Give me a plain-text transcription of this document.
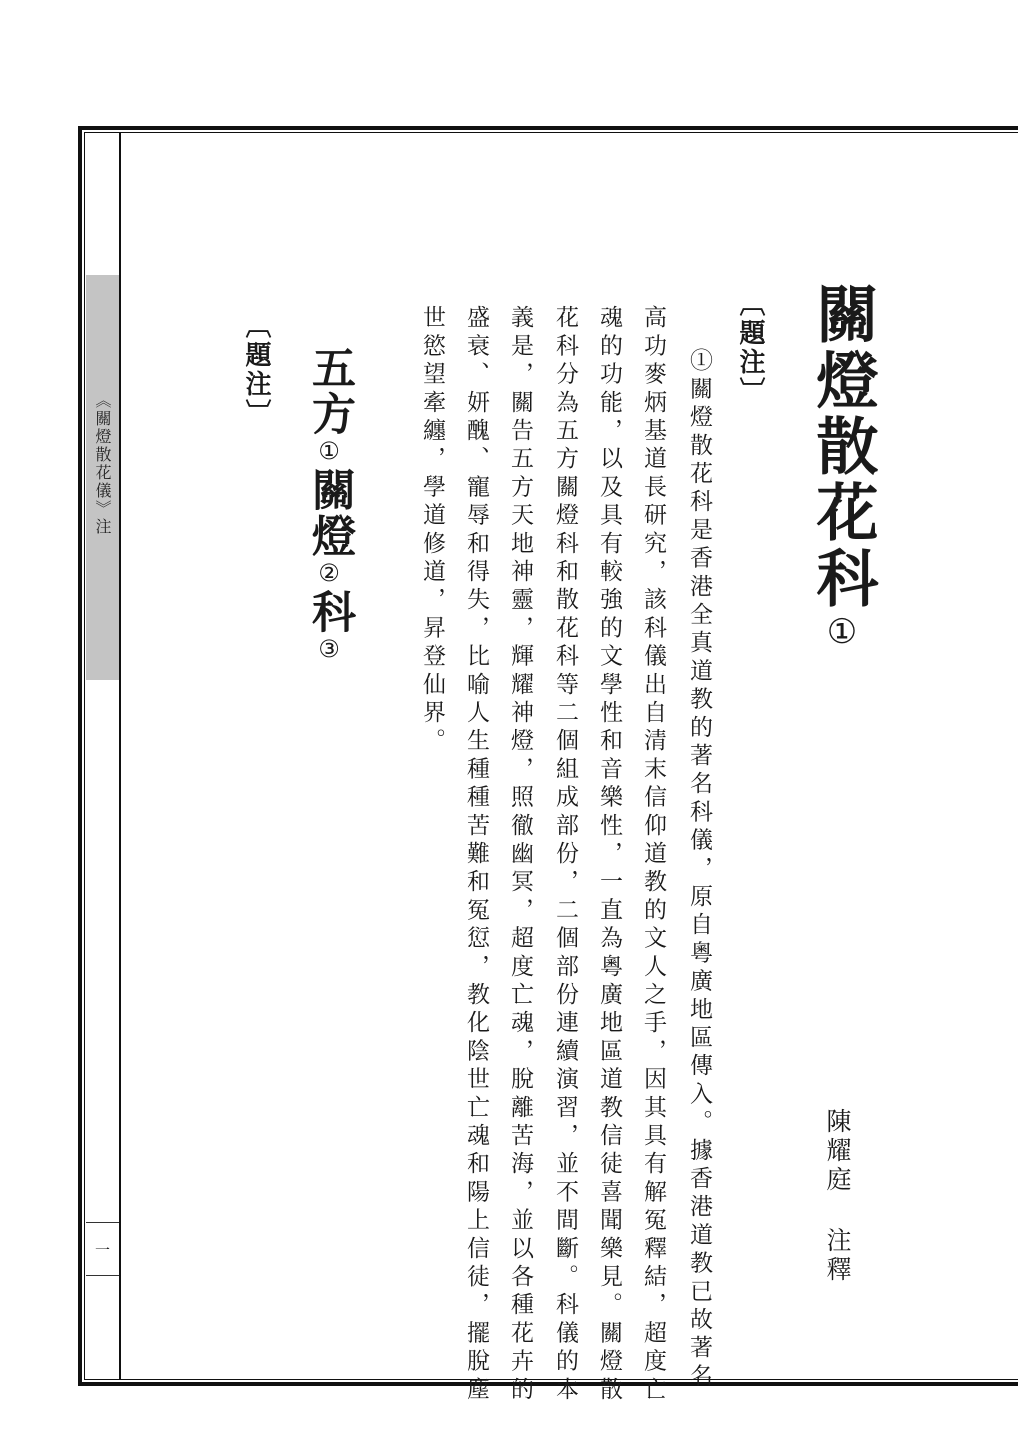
《關燈散花儀》注
一
關燈散花科①
陳耀庭注釋
〔題注〕
①關燈散花科是香港全真道教的著名科儀，原自粵廣地區傳入。據香港道教已故著名
高功麥炳基道長研究，該科儀出自清末信仰道教的文人之手，因其具有解冤釋結，超度亡
魂的功能，以及具有較強的文學性和音樂性，一直為粵廣地區道教信徒喜聞樂見。關燈散
花科分為五方關燈科和散花科等二個組成部份，二個部份連續演習，並不間斷。科儀的本
義是，關告五方天地神靈，輝耀神燈，照徹幽冥，超度亡魂，脫離苦海，並以各種花卉的
盛衰、妍醜、寵辱和得失，比喻人生種種苦難和冤愆，教化陰世亡魂和陽上信徒，擺脫塵
世慾望牽纏，學道修道，昇登仙界。
五方①關燈②科③
〔題注〕
